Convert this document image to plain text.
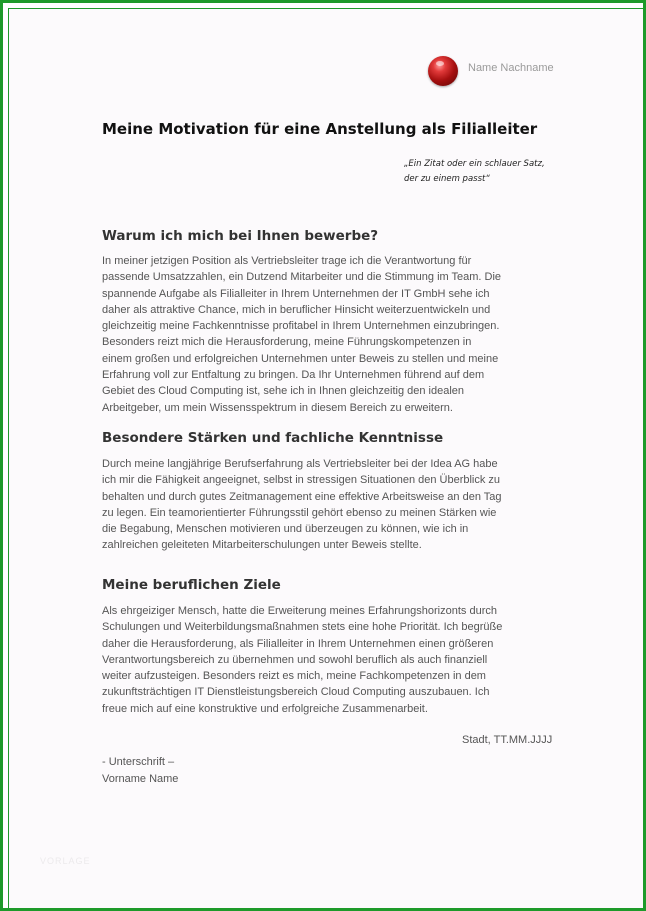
Name Nachname
Meine Motivation für eine Anstellung als Filialleiter
„Ein Zitat oder ein schlauer Satz,
der zu einem passt“
Warum ich mich bei Ihnen bewerbe?
In meiner jetzigen Position als Vertriebsleiter trage ich die Verantwortung für
passende Umsatzzahlen, ein Dutzend Mitarbeiter und die Stimmung im Team. Die
spannende Aufgabe als Filialleiter in Ihrem Unternehmen der IT GmbH sehe ich
daher als attraktive Chance, mich in beruflicher Hinsicht weiterzuentwickeln und
gleichzeitig meine Fachkenntnisse profitabel in Ihrem Unternehmen einzubringen.
Besonders reizt mich die Herausforderung, meine Führungskompetenzen in
einem großen und erfolgreichen Unternehmen unter Beweis zu stellen und meine
Erfahrung voll zur Entfaltung zu bringen. Da Ihr Unternehmen führend auf dem
Gebiet des Cloud Computing ist, sehe ich in Ihnen gleichzeitig den idealen
Arbeitgeber, um mein Wissensspektrum in diesem Bereich zu erweitern.
Besondere Stärken und fachliche Kenntnisse
Durch meine langjährige Berufserfahrung als Vertriebsleiter bei der Idea AG habe
ich mir die Fähigkeit angeeignet, selbst in stressigen Situationen den Überblick zu
behalten und durch gutes Zeitmanagement eine effektive Arbeitsweise an den Tag
zu legen. Ein teamorientierter Führungsstil gehört ebenso zu meinen Stärken wie
die Begabung, Menschen motivieren und überzeugen zu können, wie ich in
zahlreichen geleiteten Mitarbeiterschulungen unter Beweis stellte.
Meine beruflichen Ziele
Als ehrgeiziger Mensch, hatte die Erweiterung meines Erfahrungshorizonts durch
Schulungen und Weiterbildungsmaßnahmen stets eine hohe Priorität. Ich begrüße
daher die Herausforderung, als Filialleiter in Ihrem Unternehmen einen größeren
Verantwortungsbereich zu übernehmen und sowohl beruflich als auch finanziell
weiter aufzusteigen. Besonders reizt es mich, meine Fachkompetenzen in dem
zukunftsträchtigen IT Dienstleistungsbereich Cloud Computing auszubauen. Ich
freue mich auf eine konstruktive und erfolgreiche Zusammenarbeit.
Stadt, TT.MM.JJJJ
- Unterschrift –
Vorname Name
VORLAGE
